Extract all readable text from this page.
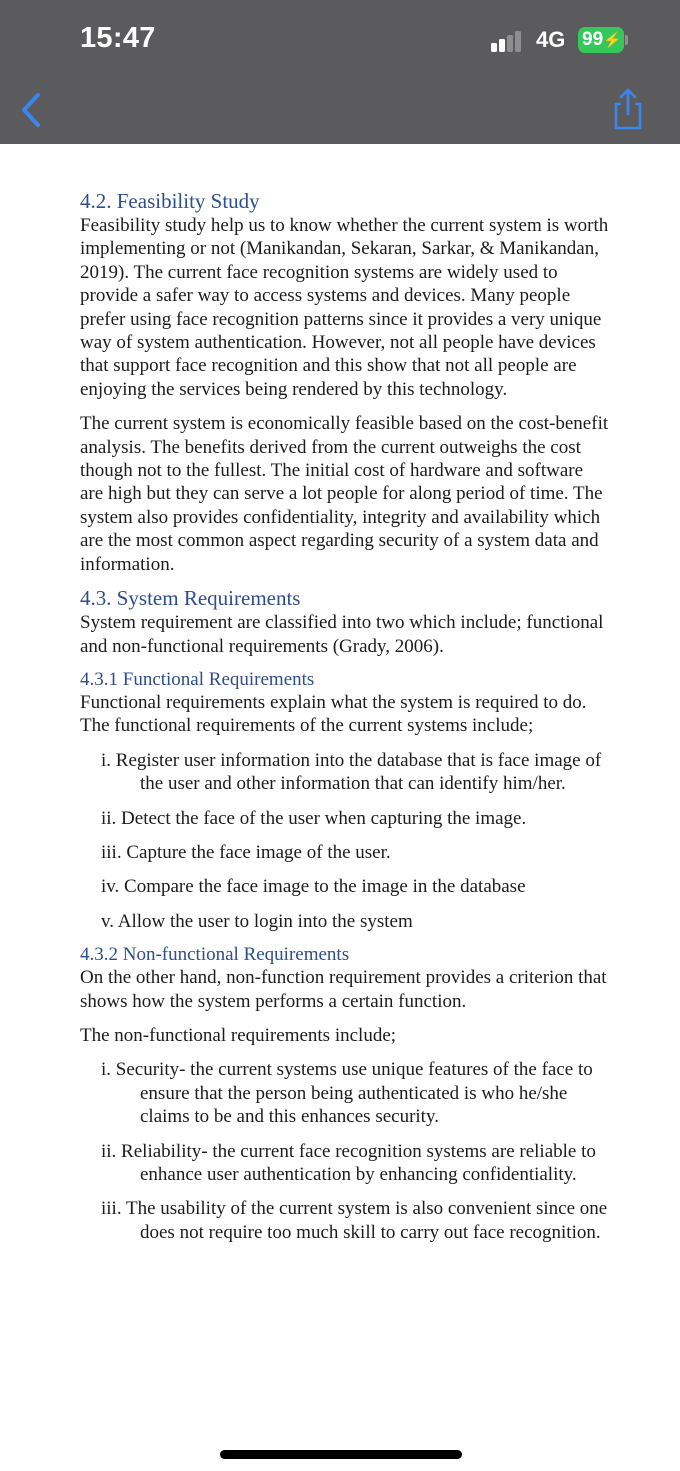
15:47	4G 99⚡
4.2. Feasibility Study

Feasibility study help us to know whether the current system is worth implementing or not (Manikandan, Sekaran, Sarkar, & Manikandan, 2019). The current face recognition systems are widely used to provide a safer way to access systems and devices. Many people prefer using face recognition patterns since it provides a very unique way of system authentication. However, not all people have devices that support face recognition and this show that not all people are enjoying the services being rendered by this technology.

The current system is economically feasible based on the cost-benefit analysis. The benefits derived from the current outweighs the cost though not to the fullest. The initial cost of hardware and software are high but they can serve a lot people for along period of time. The system also provides confidentiality, integrity and availability which are the most common aspect regarding security of a system data and information.

4.3. System Requirements

System requirement are classified into two which include; functional and non-functional requirements (Grady, 2006).

4.3.1 Functional Requirements

Functional requirements explain what the system is required to do. The functional requirements of the current systems include;

i. Register user information into the database that is face image of the user and other information that can identify him/her.
ii. Detect the face of the user when capturing the image.
iii. Capture the face image of the user.
iv. Compare the face image to the image in the database
v. Allow the user to login into the system
4.3.2 Non-functional Requirements

On the other hand, non-function requirement provides a criterion that shows how the system performs a certain function.

The non-functional requirements include;

i. Security- the current systems use unique features of the face to ensure that the person being authenticated is who he/she claims to be and this enhances security.
ii. Reliability- the current face recognition systems are reliable to enhance user authentication by enhancing confidentiality.
iii. The usability of the current system is also convenient since one does not require too much skill to carry out face recognition.
